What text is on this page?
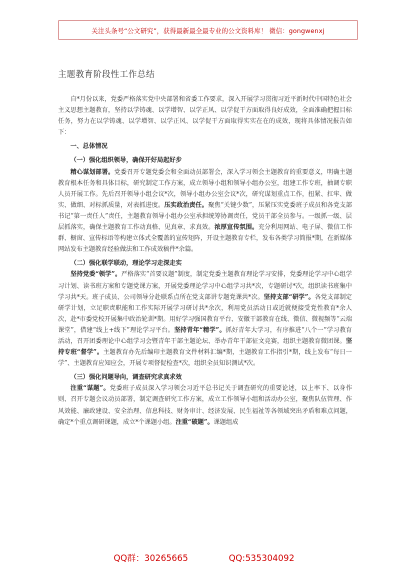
关注头条号“公文研究”，获得最新最全最专业的公文资料库！ 微信：gongwenxj
主题教育阶段性工作总结

自*月份以来，党委严格落实党中央部署和省委工作要求，深入开展学习贯彻习近平新时代中国特色社会主义思想主题教育，坚持以学铸魂、以学增智、以学正风、以学促干方面取得良好成效，全面准确把握目标任务，努力在以学铸魂、以学增智、以学正风、以学促干方面取得实实在在的成效，现将具体情况报告如下：

一、总体情况
（一）强化组织领导，确保开好局起好步

精心谋划部署。党委召开专题党委会和全面动员部署会，深入学习领会主题教育的重要意义，明确主题教育根本任务和具体目标，研究制定工作方案，成立领导小组和领导小组办公室，组建工作专班，抽调专职人员开展工作。先后召开领导小组会议*次，领导小组办公室会议*次，研究谋划重点工作，扭紧、扛牢、做实、做细、对标抓质量，对表抓进度。压实政治责任。聚焦“关键少数”，压紧压实党委班子成员和各党支部书记“第一责任人”责任，主题教育领导小组办公室承担统筹协调责任，党员干部全员参与。一级抓一级、层层抓落实，确保主题教育工作动真格、见真章、求真效。浓厚宣传氛围。充分利用网站、电子屏、微信工作群、橱窗、宣传标语等构建立体式全覆盖的宣传矩阵，开设主题教育专栏，发布各类学习简报*期，在新媒体网站发布主题教育经验做法和工作成效稿件*余篇。

（二）强化联学联动，理论学习走深走实

坚持党委“领学”。严格落实“首要议题”制度，制定党委主题教育理论学习安排，党委理论学习中心组学习计划、读书班方案和专题党课方案，开展党委理论学习中心组学习共*次，专题研讨*次，组织读书班集中学习共*天。班子成员、公司领导分赴联系点所在党支部讲专题党课共*次。坚持支部“研学”。各党支部制定研学计划，立足职责职能和工作实际开展学习研讨共*余次，利用党员活动日或近就便接受党性教育*余人次，赴*市委党校开展集中政治轮训*期。用好学习强国教育平台、安徽干部教育在线、微信、微视频等“云端课堂”，借建“线上+线下”理论学习平台。坚持青年“精学”。抓好青年大学习，有序推进“八个一”学习教育活动，召开团委理论中心组学习会暨青年干部主题论坛、举办青年干部征文竞赛，组织主题教育微团课。坚持专班“督学”。主题教育办先后编印主题教育文件材料汇编*期，主题教育工作指引*期，线上发布“每日一学”、主题教育应知应会，开展专项督促检查*次，组织全员知识测试*次。

（三）强化问题导向，调查研究求真求效

注重“谋题”。党委班子成员深入学习领会习近平总书记关于调查研究的重要论述，以上率下、以身作则、召开专题会议动员部署，制定调查研究工作方案，成立工作领导小组和活动办公室，聚焦队伍管理、作风效能、廉政建设、安全治理、信息科技、财务审计、经济发展、民生福祉等各领域突出矛盾和难点问题，确定*个重点调研课题，成立*个课题小组。注重“破题”。课题组成

QQ群：30265665	QQ:535304092
